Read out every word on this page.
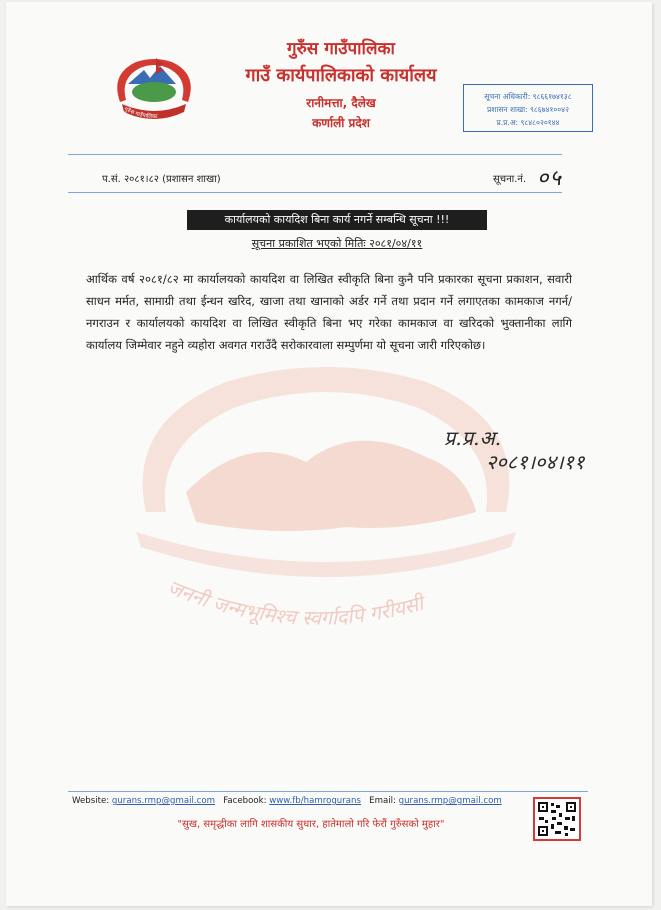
जननी जन्मभूमिश्च स्वर्गादपि गरीयसी
गुरुँस गाउँपालिका
गुरुँस गाउँपालिका
गाउँ कार्यपालिकाको कार्यालय
रानीमत्ता, दैलेख
कर्णाली प्रदेश
सूचना अधिकारी: ९८६६१७४१३८
प्रशासन शाखा: ९८६७४१००४२
प्र.प्र.अ: ९८४८०२०१४४
प.सं. २०८१।८२ (प्रशासन शाखा)	सूचना.नं. ०५
कार्यालयको कायदिश बिना कार्य नगर्ने सम्बन्धि सूचना !!!
सूचना प्रकाशित भएको मितिः २०८१/०४/११
आर्थिक वर्ष २०८१/८२ मा कार्यालयको कायदिश वा लिखित स्वीकृति बिना कुनै पनि प्रकारका सूचना प्रकाशन, सवारी साधन मर्मत, सामाग्री तथा ईन्धन खरिद, खाजा तथा खानाको अर्डर गर्ने तथा प्रदान गर्ने लगाएतका कामकाज नगर्न/नगराउन र कार्यालयको कायदिश वा लिखित स्वीकृति बिना भए गरेका कामकाज वा खरिदको भुक्तानीका लागि कार्यालय जिम्मेवार नहुने व्यहोरा अवगत गराउँदै सरोकारवाला सम्पुर्णमा यो सूचना जारी गरिएकोछ।
प्र.प्र.अ.
२०८१।०४।११
Website: gurans.rmp@gmail.com Facebook: www.fb/hamrogurans Email: gurans.rmp@gmail.com
"सुख, समृद्धीका लागि शासकीय सुधार, हातेमालो गरि फेरौं गुरुँसको मुहार"
